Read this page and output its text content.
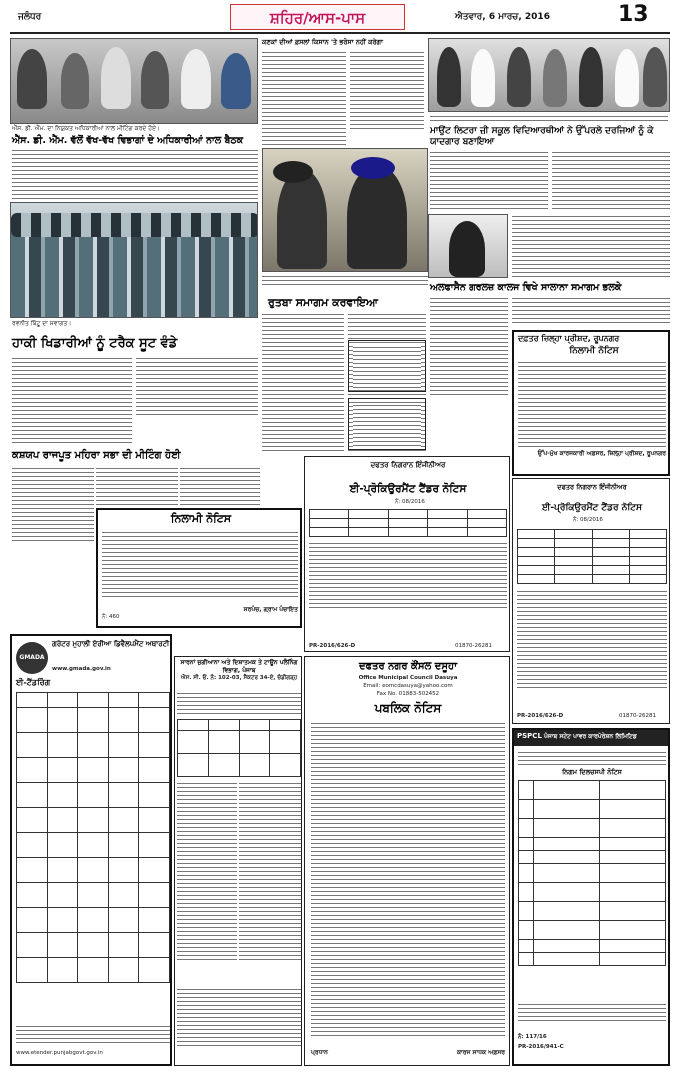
ਜਲੰਧਰ	ਸ਼ਹਿਰ/ਆਸ-ਪਾਸ	ਐਤਵਾਰ, 6 ਮਾਰਚ, 2016	13
ਐੱਸ. ਡੀ. ਐੱਮ. ਦਾ ਨਿਯੁਕਤ ਅਧਿਕਾਰੀਆਂ ਨਾਲ ਮੀਟਿੰਗ ਕਰਦੇ ਹੋਏ।
ਐੱਸ. ਡੀ. ਐੱਮ. ਵੱਲੋਂ ਵੱਖ-ਵੱਖ ਵਿਭਾਗਾਂ ਦੇ ਅਧਿਕਾਰੀਆਂ ਨਾਲ ਬੈਠਕ
ਕਣਕਾਂ ਦੀਆਂ ਫ਼ਸਲਾਂ ਕਿਸਾਨ 'ਤੇ ਭਰੋਸਾ ਨਹੀਂ ਕਰੇਗਾ
ਮਾਉਂਟ ਲਿਟਰਾ ਜ਼ੀ ਸਕੂਲ ਵਿਦਿਆਰਥੀਆਂ ਨੇ ਉੱਪਰਲੇ ਦਰਜਿਆਂ ਨੂੰ ਕੇ ਯਾਦਗਾਰ ਬਣਾਇਆ
ਰੁਤਬਾ ਸਮਾਗਮ ਕਰਵਾਇਆ
ਰਵਨੀਤ ਬਿੱਟੂ ਦਾ ਸਵਾਗਤ।
ਹਾਕੀ ਖਿਡਾਰੀਆਂ ਨੂੰ ਟਰੈਕ ਸੂਟ ਵੰਡੇ
ਅਲਫਾਸੈਨ ਗਰਲਜ਼ ਕਾਲਜ ਵਿਖੇ ਸਾਲਾਨਾ ਸਮਾਗਮ ਭਲਕੇ
ਦਫ਼ਤਰ ਜ਼ਿਲ੍ਹਾ ਪ੍ਰੀਸ਼ਦ, ਰੂਪਨਗਰ
ਨਿਲਾਮੀ ਨੋਟਿਸ
ਉੱਪ-ਮੁੱਖ ਕਾਰਜਕਾਰੀ ਅਫ਼ਸਰ, ਜ਼ਿਲ੍ਹਾ ਪ੍ਰੀਸ਼ਦ, ਰੂਪਨਗਰ
ਕਸ਼ਯਪ ਰਾਜਪੂਤ ਮਹਿਰਾ ਸਭਾ ਦੀ ਮੀਟਿੰਗ ਹੋਈ
ਨਿਲਾਮੀ ਨੋਟਿਸ
ਨੰ: 460
ਸਰਪੰਚ, ਗ੍ਰਾਮ ਪੰਚਾਇਤ
ਦਫਤਰ ਨਿਗਰਾਨ ਇੰਜੀਨੀਅਰ
ਈ-ਪ੍ਰੋਕਿਉਰਮੈਂਟ ਟੈਂਡਰ ਨੋਟਿਸ
ਨੰ: 08/2016

PR-2016/626-D	01870-26281
ਦਫਤਰ ਨਿਗਰਾਨ ਇੰਜੀਨੀਅਰ
ਈ-ਪ੍ਰੋਕਿਉਰਮੈਂਟ ਟੈਂਡਰ ਨੋਟਿਸ
ਨੰ: 08/2016

PR-2016/626-D	01870-26281
GMADA
ਗਰੇਟਰ ਮੁਹਾਲੀ ਏਰੀਆ ਡਿਵੈਲਪਮੈਂਟ ਅਥਾਰਟੀ
www.gmada.gov.in
ਈ-ਟੈਂਡਰਿੰਗ

www.etender.punjabgovt.gov.in
ਸਾਰਨਾਂ ਜੁਗੀਆਨਾ ਅਤੇ ਦਿਸ਼ਾਤਮਕ ਤੇ ਟਾਊਨ ਪਲੈਨਿੰਗ ਵਿਭਾਗ, ਪੰਜਾਬ
ਐਸ. ਸੀ. ਓ. ਨੰ: 102-03, ਸੈਕਟਰ 34-ਏ, ਚੰਡੀਗੜ੍ਹ

ਦਫਤਰ ਨਗਰ ਕੌਂਸਲ ਦਸੂਹਾ
Office Municipal Council Dasuya
Email: eomcdasuya@yahoo.com
Fax No. 01883-502452
ਪਬਲਿਕ ਨੋਟਿਸ
ਪ੍ਰਧਾਨ	ਕਾਰਜ ਸਾਧਕ ਅਫ਼ਸਰ
PSPCL ਪੰਜਾਬ ਸਟੇਟ ਪਾਵਰ ਕਾਰਪੋਰੇਸ਼ਨ ਲਿਮਿਟਿਡ
ਨਿਗਮ ਦਿਲਚਸਪੀ ਨੋਟਿਸ

ਨੰ: 117/16
PR-2016/941-C
